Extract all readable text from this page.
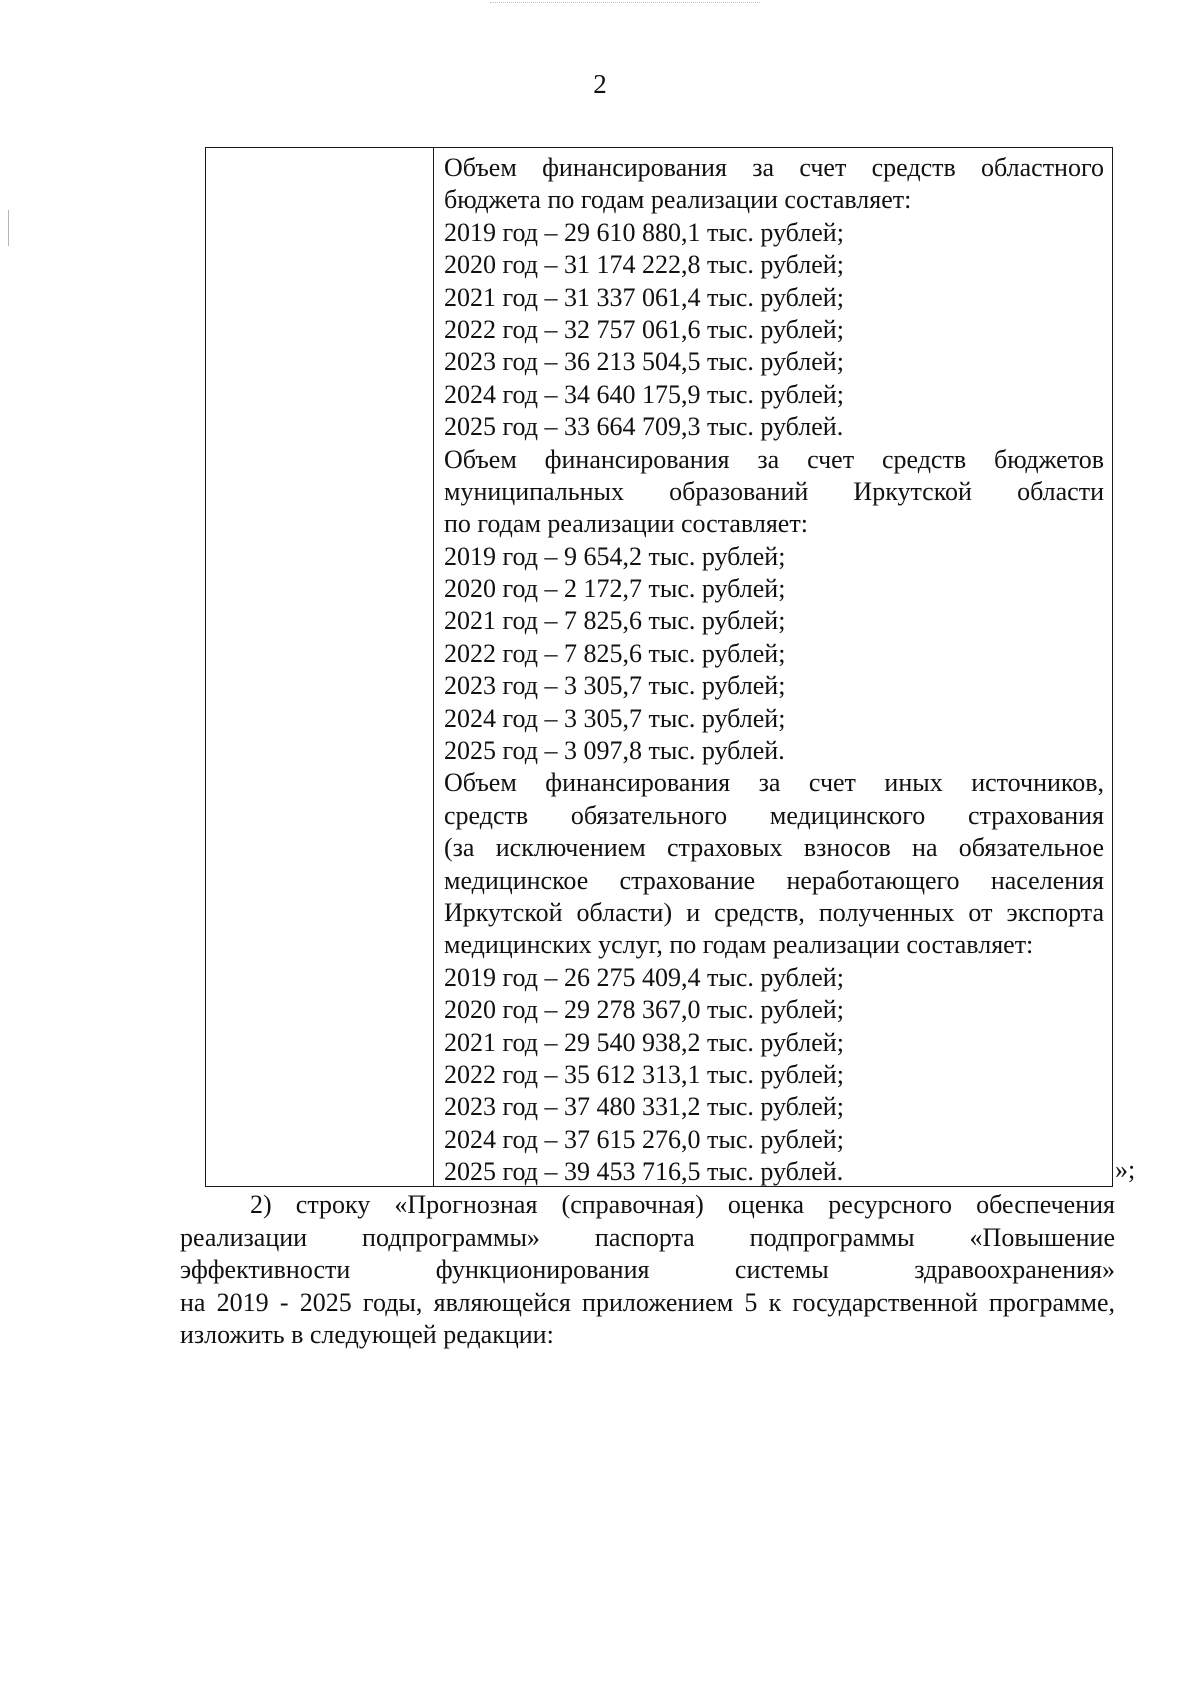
2
Объем финансирования за счет средств областного
бюджета по годам реализации составляет:
2019 год – 29 610 880,1 тыс. рублей;
2020 год – 31 174 222,8 тыс. рублей;
2021 год – 31 337 061,4 тыс. рублей;
2022 год – 32 757 061,6 тыс. рублей;
2023 год – 36 213 504,5 тыс. рублей;
2024 год – 34 640 175,9 тыс. рублей;
2025 год – 33 664 709,3 тыс. рублей.
Объем финансирования за счет средств бюджетов
муниципальных образований Иркутской области
по годам реализации составляет:
2019 год – 9 654,2 тыс. рублей;
2020 год – 2 172,7 тыс. рублей;
2021 год – 7 825,6 тыс. рублей;
2022 год – 7 825,6 тыс. рублей;
2023 год – 3 305,7 тыс. рублей;
2024 год – 3 305,7 тыс. рублей;
2025 год – 3 097,8 тыс. рублей.
Объем финансирования за счет иных источников,
средств обязательного медицинского страхования
(за исключением страховых взносов на обязательное
медицинское страхование неработающего населения
Иркутской области) и средств, полученных от экспорта
медицинских услуг, по годам реализации составляет:
2019 год – 26 275 409,4 тыс. рублей;
2020 год – 29 278 367,0 тыс. рублей;
2021 год – 29 540 938,2 тыс. рублей;
2022 год – 35 612 313,1 тыс. рублей;
2023 год – 37 480 331,2 тыс. рублей;
2024 год – 37 615 276,0 тыс. рублей;
2025 год – 39 453 716,5 тыс. рублей.	»;
2) строку «Прогнозная (справочная) оценка ресурсного обеспечения
реализации подпрограммы» паспорта подпрограммы «Повышение
эффективности функционирования системы здравоохранения»
на 2019 - 2025 годы, являющейся приложением 5 к государственной программе,
изложить в следующей редакции:
